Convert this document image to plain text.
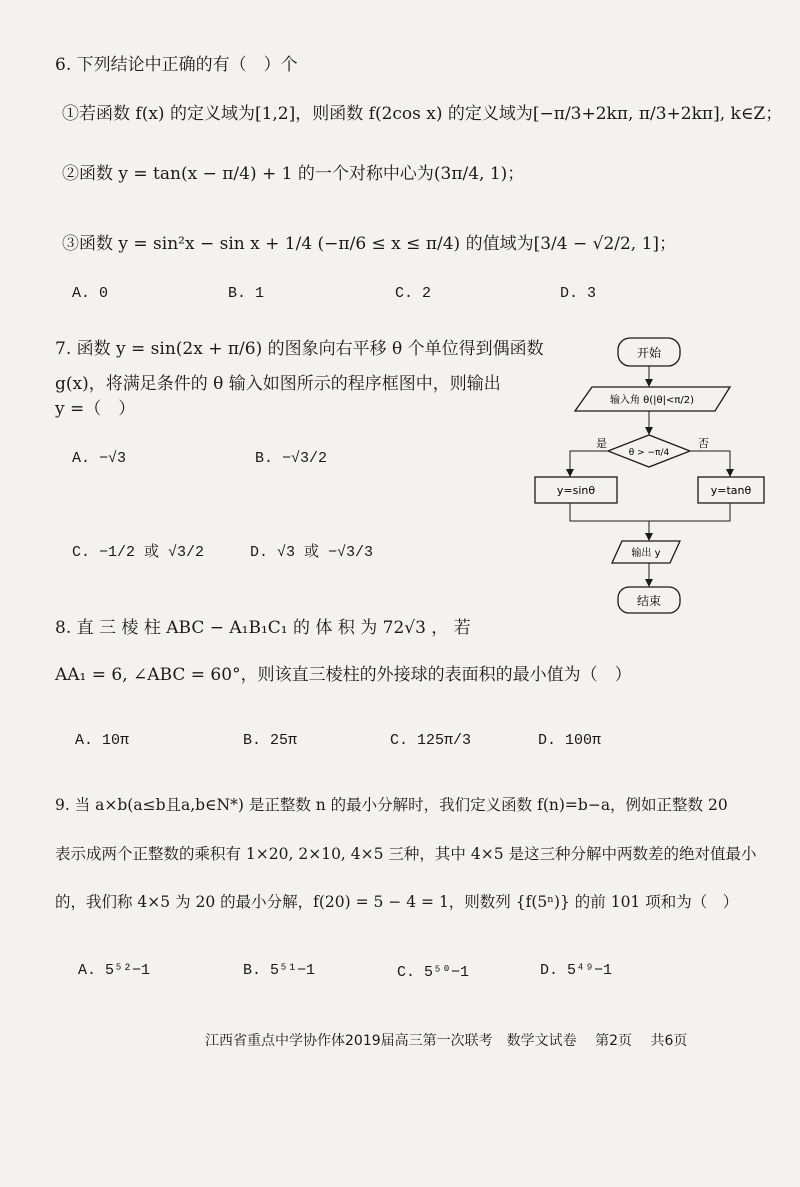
6. 下列结论中正确的有（　）个
①若函数 f(x) 的定义域为[1,2]，则函数 f(2cos x) 的定义域为[−π/3+2kπ, π/3+2kπ], k∈Z；
②函数 y = tan(x − π/4) + 1 的一个对称中心为(3π/4, 1)；
③函数 y = sin²x − sin x + 1/4 (−π/6 ≤ x ≤ π/4) 的值域为[3/4 − √2/2, 1]；
A. 0	B. 1	C. 2	D. 3
7. 函数 y = sin(2x + π/6) 的图象向右平移 θ 个单位得到偶函数
g(x)，将满足条件的 θ 输入如图所示的程序框图中，则输出
y =（　）
A. −√3	B. −√3/2
C. −1/2 或 √3/2	D. √3 或 −√3/3
开始
输入角 θ(|θ|<π/2)
θ > −π/4
是	否
y=sinθ	y=tanθ
输出 y
结束
8. 直 三 棱 柱 ABC − A₁B₁C₁ 的 体 积 为 72√3 ， 若
AA₁ = 6, ∠ABC = 60°，则该直三棱柱的外接球的表面积的最小值为（　）
A. 10π	B. 25π	C. 125π/3	D. 100π
9. 当 a×b(a≤b且a,b∈N*) 是正整数 n 的最小分解时，我们定义函数 f(n)=b−a，例如正整数 20
表示成两个正整数的乘积有 1×20, 2×10, 4×5 三种，其中 4×5 是这三种分解中两数差的绝对值最小
的，我们称 4×5 为 20 的最小分解，f(20) = 5 − 4 = 1，则数列 {f(5ⁿ)} 的前 101 项和为（　）
A. 5⁵²−1	B. 5⁵¹−1	C. 5⁵⁰−1	D. 5⁴⁹−1
江西省重点中学协作体2019届高三第一次联考　数学文试卷 第2页 共6页
